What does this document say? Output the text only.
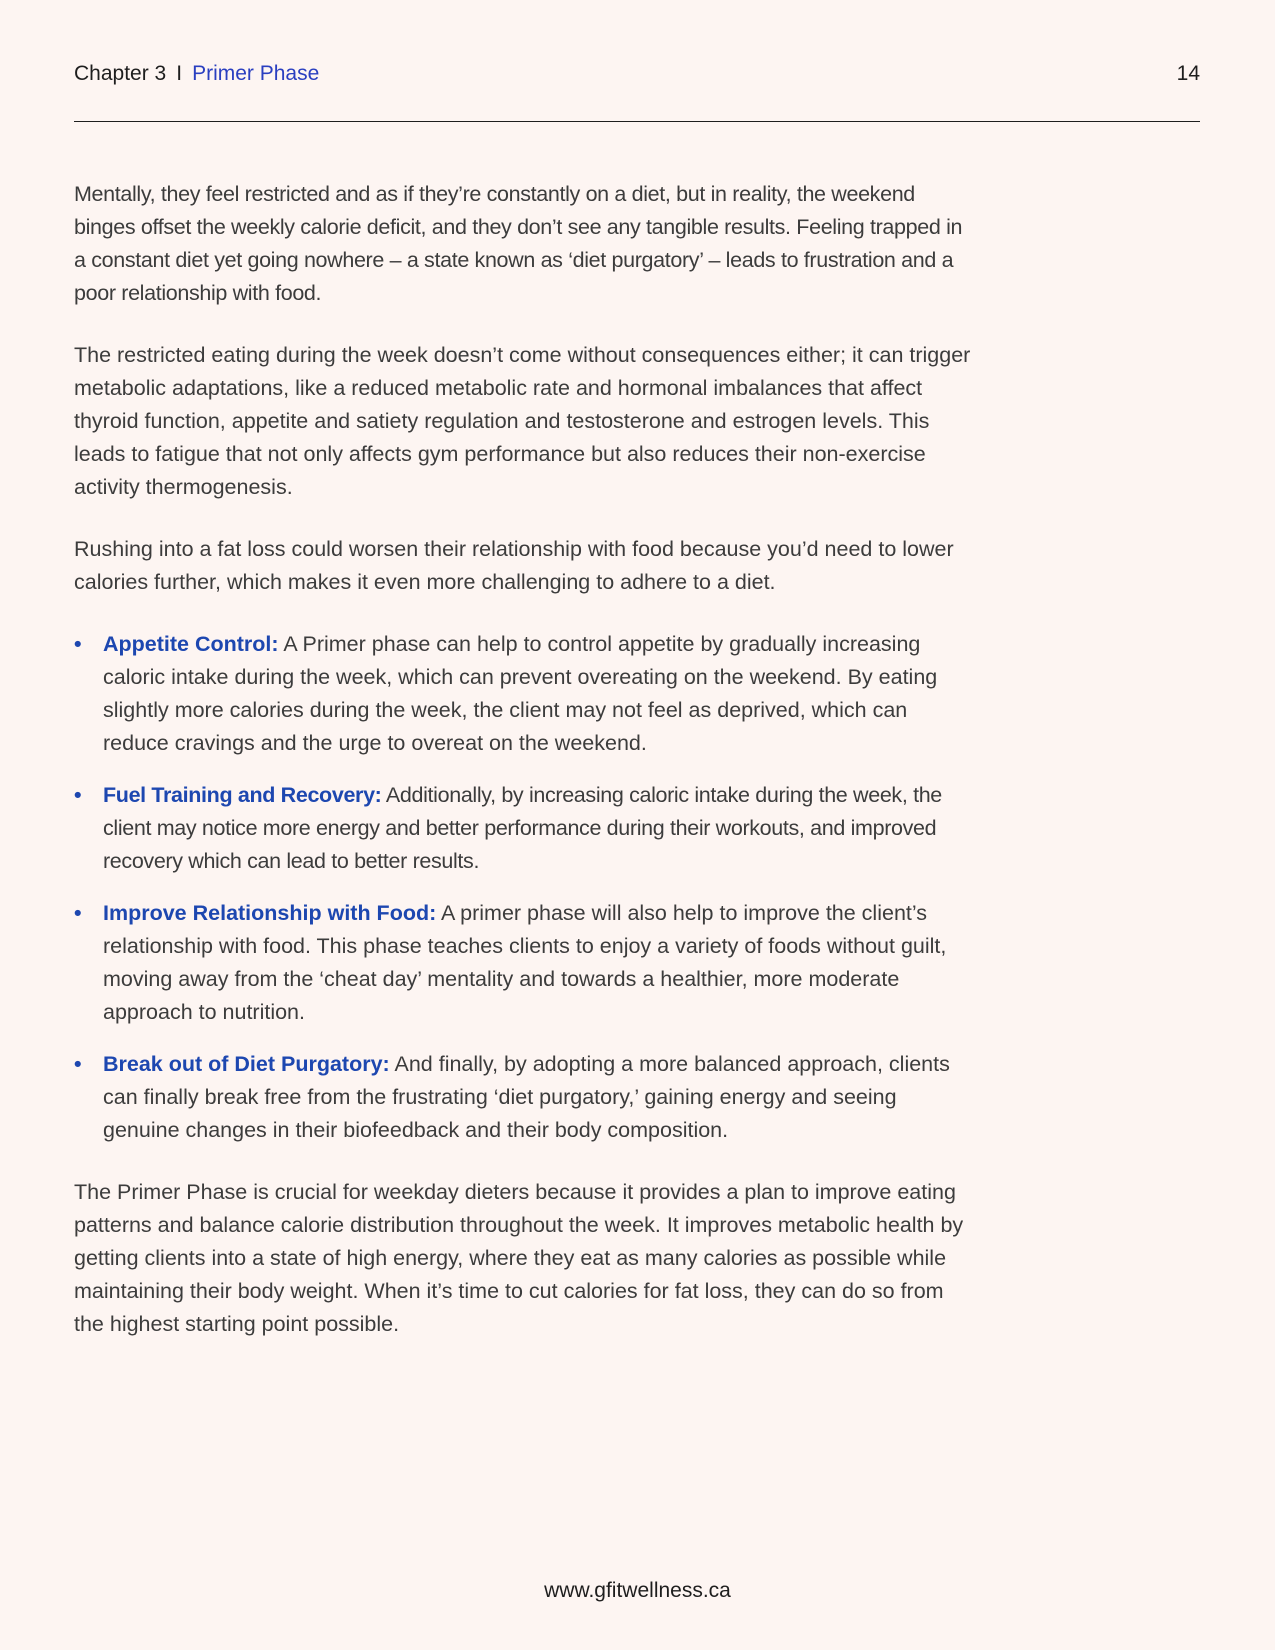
Chapter 3 I Primer Phase	14

Mentally, they feel restricted and as if they’re constantly on a diet, but in reality, the weekend binges offset the weekly calorie deficit, and they don’t see any tangible results. Feeling trapped in a constant diet yet going nowhere – a state known as ‘diet purgatory’ – leads to frustration and a poor relationship with food.

The restricted eating during the week doesn’t come without consequences either; it can trigger metabolic adaptations, like a reduced metabolic rate and hormonal imbalances that affect thyroid function, appetite and satiety regulation and testosterone and estrogen levels. This leads to fatigue that not only affects gym performance but also reduces their non-exercise activity thermogenesis.

Rushing into a fat loss could worsen their relationship with food because you’d need to lower calories further, which makes it even more challenging to adhere to a diet.

• Appetite Control: A Primer phase can help to control appetite by gradually increasing caloric intake during the week, which can prevent overeating on the weekend. By eating slightly more calories during the week, the client may not feel as deprived, which can reduce cravings and the urge to overeat on the weekend.
• Fuel Training and Recovery: Additionally, by increasing caloric intake during the week, the client may notice more energy and better performance during their workouts, and improved recovery which can lead to better results.
• Improve Relationship with Food: A primer phase will also help to improve the client’s relationship with food. This phase teaches clients to enjoy a variety of foods without guilt, moving away from the ‘cheat day’ mentality and towards a healthier, more moderate approach to nutrition.
• Break out of Diet Purgatory: And finally, by adopting a more balanced approach, clients can finally break free from the frustrating ‘diet purgatory,’ gaining energy and seeing genuine changes in their biofeedback and their body composition.

The Primer Phase is crucial for weekday dieters because it provides a plan to improve eating patterns and balance calorie distribution throughout the week. It improves metabolic health by getting clients into a state of high energy, where they eat as many calories as possible while maintaining their body weight. When it’s time to cut calories for fat loss, they can do so from the highest starting point possible.

www.gfitwellness.ca
